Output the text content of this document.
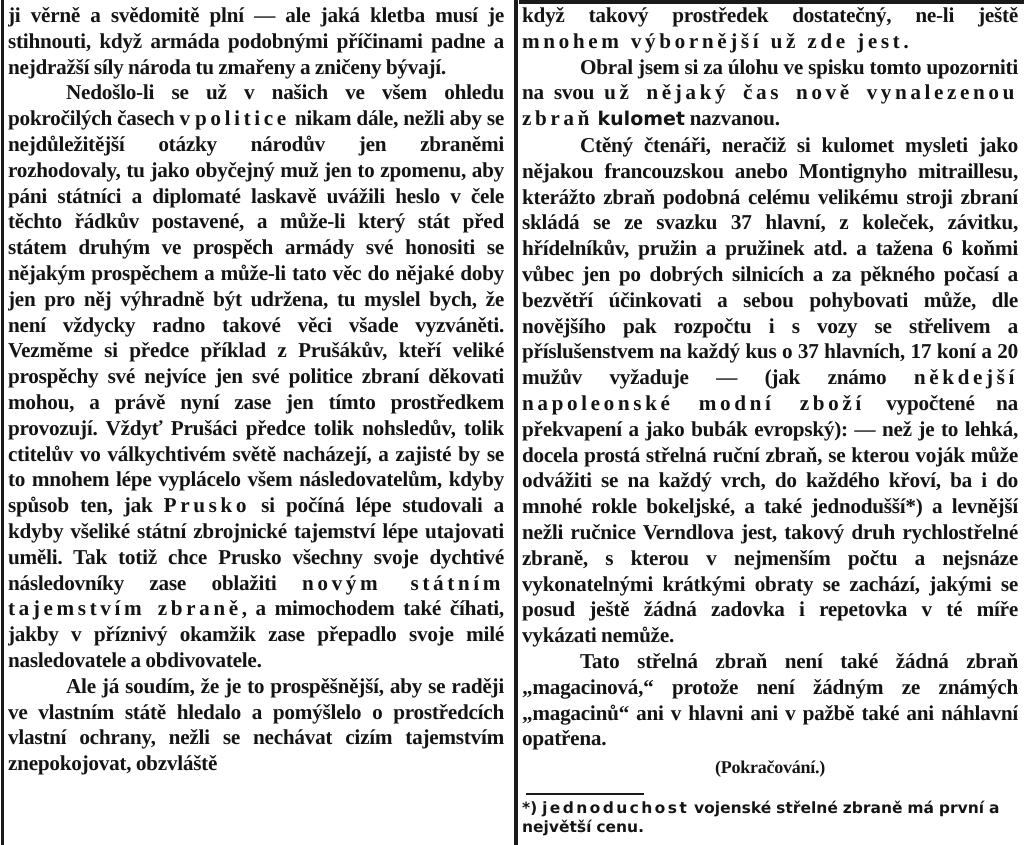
ji věrně a svědomitě plní — ale jaká kletba musí je stihnouti, když armáda podobnými příčinami padne a nejdražší síly národa tu zmařeny a zničeny bývají.

Nedošlo-li se už v našich ve všem ohledu pokročilých časech v politice nikam dále, nežli aby se nejdůležitější otázky národův jen zbraněmi rozhodovaly, tu jako obyčejný muž jen to zpomenu, aby páni státníci a diplomaté laskavě uvážili heslo v čele těchto řádkův postavené, a může-li který stát před státem druhým ve prospěch armády své honositi se nějakým prospěchem a může-li tato věc do nějaké doby jen pro něj výhradně být udržena, tu myslel bych, že není vždycky radno takové věci všade vyzváněti. Vezměme si předce příklad z Prušákův, kteří veliké prospěchy své nejvíce jen své politice zbraní děkovati mohou, a právě nyní zase jen tímto prostředkem provozují. Vždyť Prušáci předce tolik nohsledův, tolik ctitelův vo válkychtivém světě nacházejí, a zajisté by se to mnohem lépe vyplácelo všem následovatelům, kdyby spůsob ten, jak Prusko si počíná lépe studovali a kdyby všeliké státní zbrojnické tajemství lépe utajovati uměli. Tak totiž chce Prusko všechny svoje dychtivé následovníky zase oblažiti novým státním tajemstvím zbraně, a mimochodem také číhati, jakby v příznivý okamžik zase přepadlo svoje milé nasledovatele a obdivovatele.

Ale já soudím, že je to prospěšnější, aby se raději ve vlastním státě hledalo a pomýšlelo o prostředcích vlastní ochrany, nežli se nechávat cizím tajemstvím znepokojovat, obzvláště

když takový prostředek dostatečný, ne-li ještě mnohem výbornější už zde jest.

Obral jsem si za úlohu ve spisku tomto upozorniti na svou už nějaký čas nově vynalezenou zbraň kulomet nazvanou.

Ctěný čtenáři, neračiž si kulomet mysleti jako nějakou francouzskou anebo Montignyho mitraillesu, kterážto zbraň podobná celému velikému stroji zbraní skládá se ze svazku 37 hlavní, z koleček, závitku, hřídelníkův, pružin a pružinek atd. a tažena 6 koňmi vůbec jen po dobrých silnicích a za pěkného počasí a bezvětří účinkovati a sebou pohybovati může, dle novějšího pak rozpočtu i s vozy se střelivem a příslušenstvem na každý kus o 37 hlavních, 17 koní a 20 mužův vyžaduje — (jak známo někdejší napoleonské modní zboží vypočtené na překvapení a jako bubák evropský): — než je to lehká, docela prostá střelná ruční zbraň, se kterou voják může odvážiti se na každý vrch, do každého křoví, ba i do mnohé rokle bokeljské, a také jednodušší*) a levnější nežli ručnice Verndlova jest, takový druh rychlostřelné zbraně, s kterou v nejmenším počtu a nejsnáze vykonatelnými krátkými obraty se zachází, jakými se posud ještě žádná zadovka i repetovka v té míře vykázati nemůže.

Tato střelná zbraň není také žádná zbraň „magacinová,“ protože není žádným ze známých „magacinů“ ani v hlavni ani v pažbě také ani náhlavní opatřena.

(Pokračování.)

*) jednoduchost vojenské střelné zbraně má první a největší cenu.
